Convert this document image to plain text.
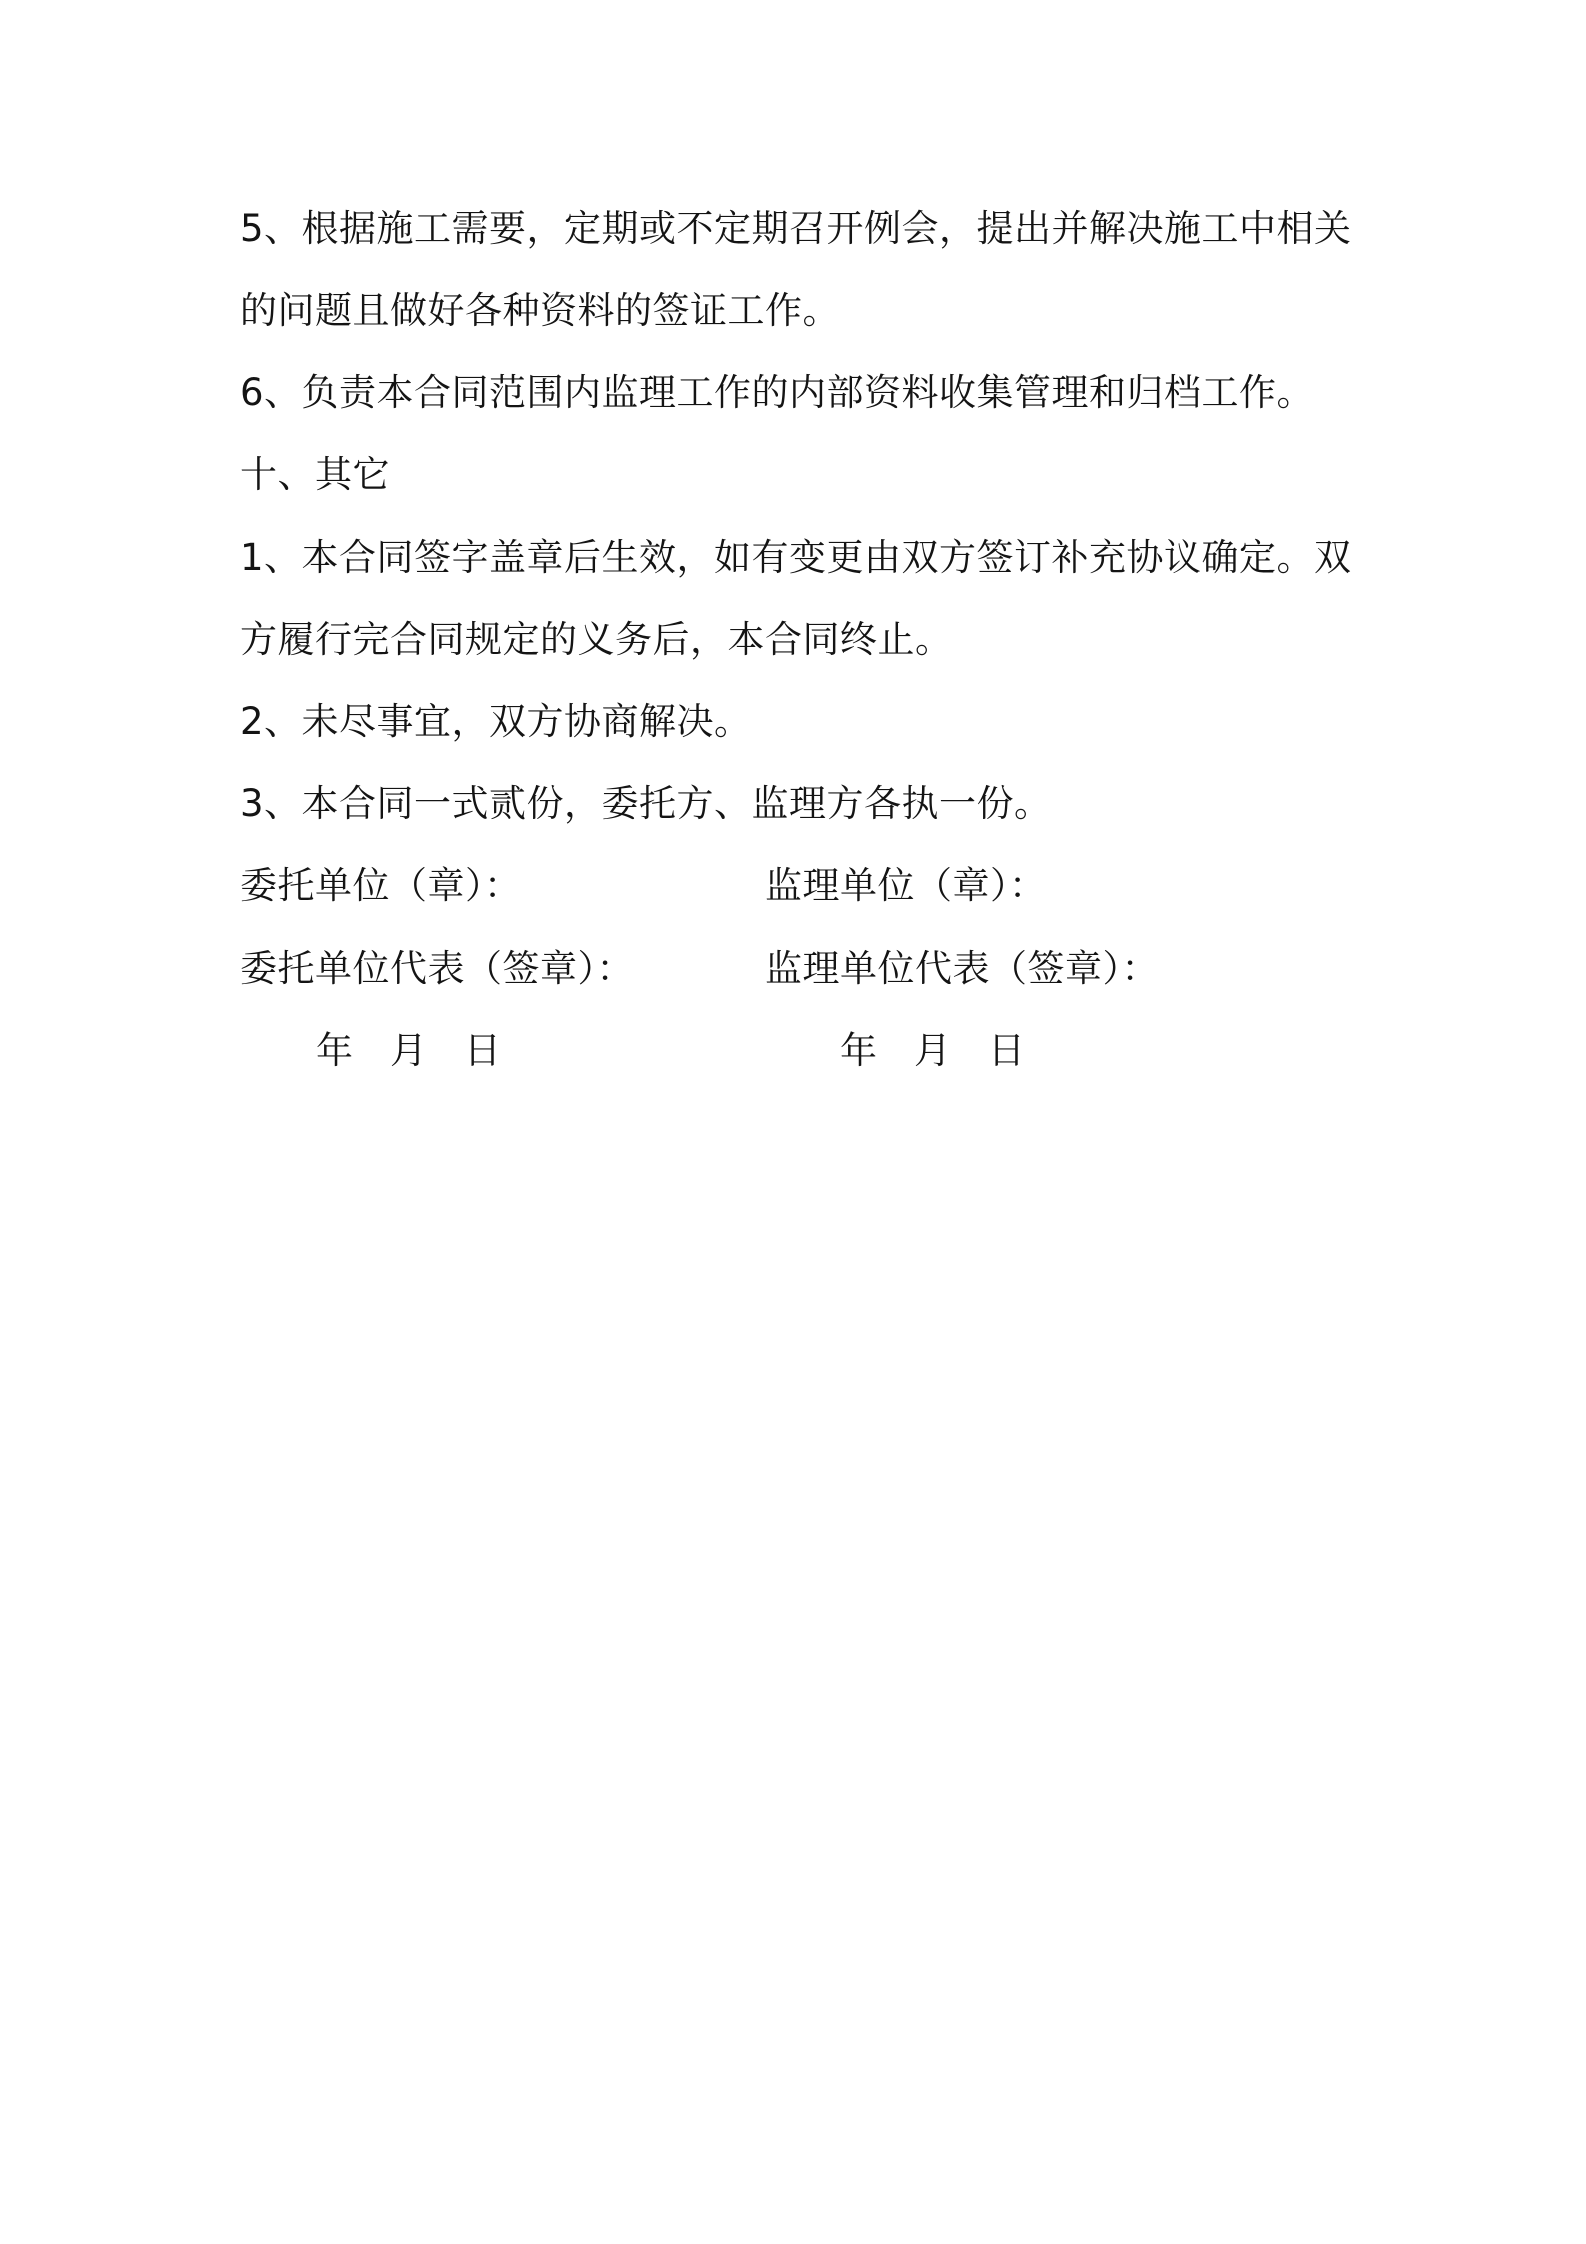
5、根据施工需要，定期或不定期召开例会，提出并解决施工中相关
的问题且做好各种资料的签证工作。
6、负责本合同范围内监理工作的内部资料收集管理和归档工作。
十、其它
1、本合同签字盖章后生效，如有变更由双方签订补充协议确定。双
方履行完合同规定的义务后，本合同终止。
2、未尽事宜，双方协商解决。
3、本合同一式贰份，委托方、监理方各执一份。
委托单位（章）：	监理单位（章）：
委托单位代表（签章）：	监理单位代表（签章）：
年 月 日	年 月 日
